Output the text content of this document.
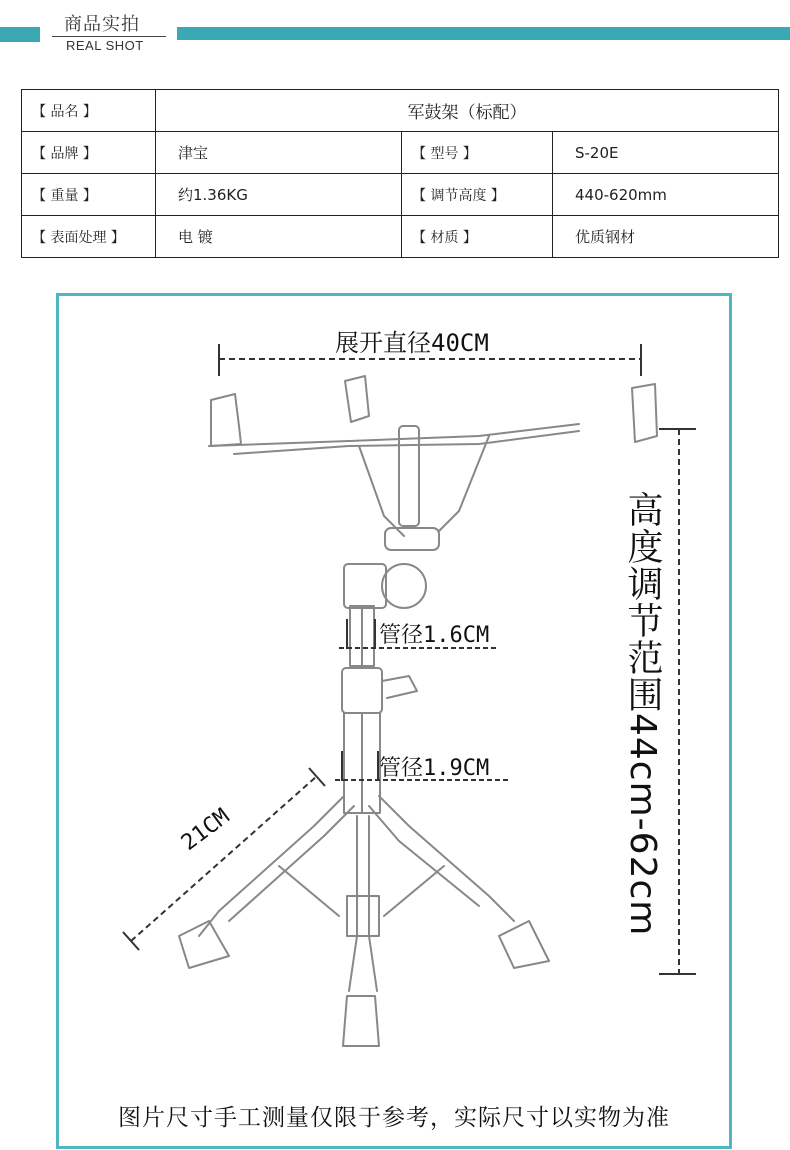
商品实拍
REAL SHOT
【 品名 】	军鼓架（标配）		
【 品牌 】	津宝	【 型号 】	S-20E
【 重量 】	约1.36KG	【 调节高度 】	440-620mm
【 表面处理 】	电 镀	【 材质 】	优质钢材
展开直径40CM
管径1.6CM
管径1.9CM
21CM	高度调节范围44cm-62cm
图片尺寸手工测量仅限于参考，实际尺寸以实物为准
